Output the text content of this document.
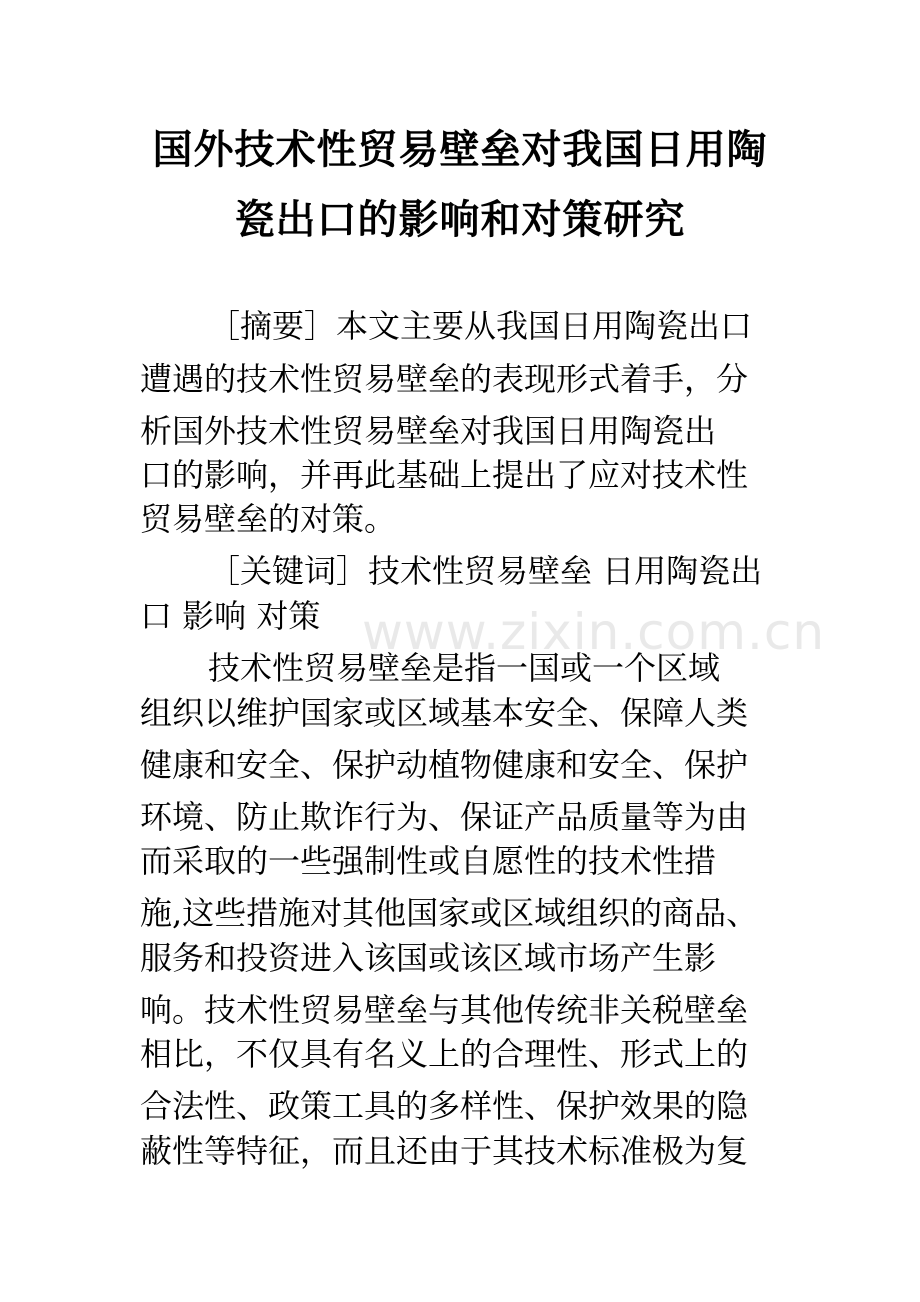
www.zixin.com.cn
国外技术性贸易壁垒对我国日用陶
瓷出口的影响和对策研究
［摘要］本文主要从我国日用陶瓷出口
遭遇的技术性贸易壁垒的表现形式着手，分
析国外技术性贸易壁垒对我国日用陶瓷出
口的影响，并再此基础上提出了应对技术性
贸易壁垒的对策。
［关键词］技术性贸易壁垒 日用陶瓷出
口 影响 对策
技术性贸易壁垒是指一国或一个区域
组织以维护国家或区域基本安全、保障人类
健康和安全、保护动植物健康和安全、保护
环境、防止欺诈行为、保证产品质量等为由
而采取的一些强制性或自愿性的技术性措
施,这些措施对其他国家或区域组织的商品、
服务和投资进入该国或该区域市场产生影
响。技术性贸易壁垒与其他传统非关税壁垒
相比，不仅具有名义上的合理性、形式上的
合法性、政策工具的多样性、保护效果的隐
蔽性等特征，而且还由于其技术标准极为复
